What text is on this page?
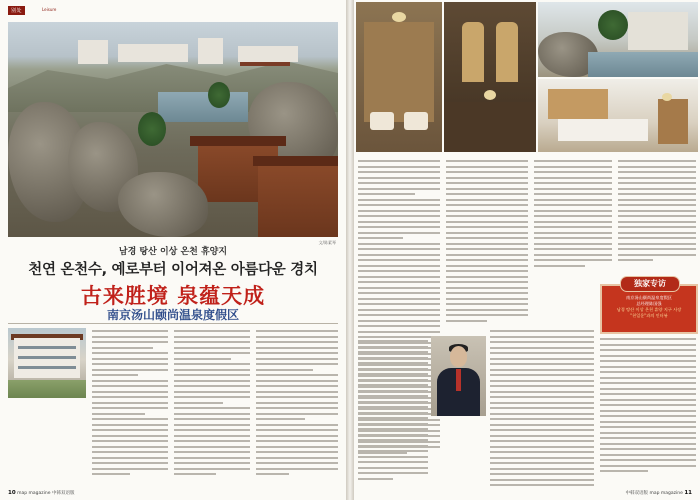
别处	Leisure
文/陈素琴
남경 탕산 이상 온천 휴양지
천연 온천수, 예로부터 이어져온 아름다운 경치
古来胜境 泉蕴天成
南京汤山颐尚温泉度假区
10 map magazine 中韩双语版
独家专访
南京汤山颐尚温泉度假区
总经理陈国强
남경 탕산 이상 온천 휴양 지구 사장
"천일운"과의 인터뷰
中韩双语版 map magazine 11
